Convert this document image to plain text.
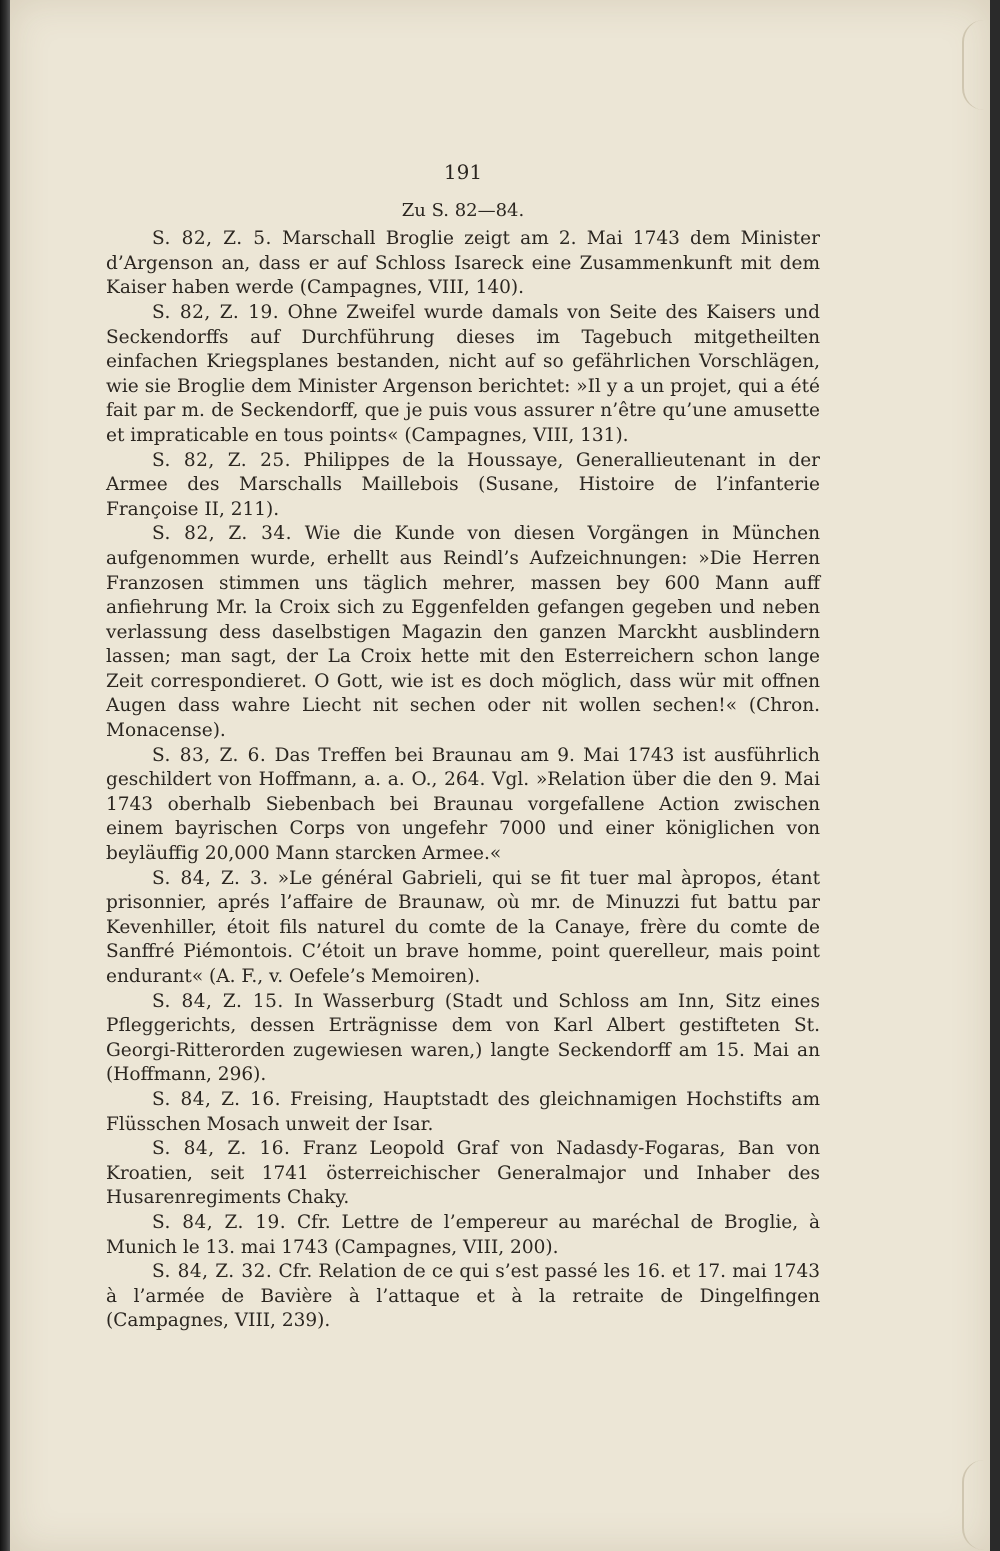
191
Zu S. 82—84.

S. 82, Z. 5. Marschall Broglie zeigt am 2. Mai 1743 dem Minister d’Argenson an, dass er auf Schloss Isareck eine Zusammenkunft mit dem Kaiser haben werde (Campagnes, VIII, 140).

S. 82, Z. 19. Ohne Zweifel wurde damals von Seite des Kaisers und Seckendorffs auf Durchführung dieses im Tagebuch mitgetheilten einfachen Kriegsplanes bestanden, nicht auf so gefährlichen Vorschlägen, wie sie Broglie dem Minister Argenson berichtet: »Il y a un projet, qui a été fait par m. de Seckendorff, que je puis vous assurer n’être qu’une amusette et impraticable en tous points« (Campagnes, VIII, 131).

S. 82, Z. 25. Philippes de la Houssaye, Generallieutenant in der Armee des Marschalls Maillebois (Susane, Histoire de l’infanterie Françoise II, 211).

S. 82, Z. 34. Wie die Kunde von diesen Vorgängen in München aufgenommen wurde, erhellt aus Reindl’s Aufzeichnungen: »Die Herren Franzosen stimmen uns täglich mehrer, massen bey 600 Mann auff anfiehrung Mr. la Croix sich zu Eggenfelden gefangen gegeben und neben verlassung dess daselbstigen Magazin den ganzen Marckht ausblindern lassen; man sagt, der La Croix hette mit den Esterreichern schon lange Zeit correspondieret. O Gott, wie ist es doch möglich, dass wür mit offnen Augen dass wahre Liecht nit sechen oder nit wollen sechen!« (Chron. Monacense).

S. 83, Z. 6. Das Treffen bei Braunau am 9. Mai 1743 ist ausführlich geschildert von Hoffmann, a. a. O., 264. Vgl. »Relation über die den 9. Mai 1743 oberhalb Siebenbach bei Braunau vorgefallene Action zwischen einem bayrischen Corps von ungefehr 7000 und einer königlichen von beyläuffig 20,000 Mann starcken Armee.«

S. 84, Z. 3. »Le général Gabrieli, qui se fit tuer mal àpropos, étant prisonnier, aprés l’affaire de Braunaw, où mr. de Minuzzi fut battu par Kevenhiller, étoit fils naturel du comte de la Canaye, frère du comte de Sanffré Piémontois. C’étoit un brave homme, point querelleur, mais point endurant« (A. F., v. Oefele’s Memoiren).

S. 84, Z. 15. In Wasserburg (Stadt und Schloss am Inn, Sitz eines Pfleggerichts, dessen Erträgnisse dem von Karl Albert gestifteten St. Georgi-Ritterorden zugewiesen waren,) langte Seckendorff am 15. Mai an (Hoffmann, 296).

S. 84, Z. 16. Freising, Hauptstadt des gleichnamigen Hochstifts am Flüsschen Mosach unweit der Isar.

S. 84, Z. 16. Franz Leopold Graf von Nadasdy-Fogaras, Ban von Kroatien, seit 1741 österreichischer Generalmajor und Inhaber des Husarenregiments Chaky.

S. 84, Z. 19. Cfr. Lettre de l’empereur au maréchal de Broglie, à Munich le 13. mai 1743 (Campagnes, VIII, 200).

S. 84, Z. 32. Cfr. Relation de ce qui s’est passé les 16. et 17. mai 1743 à l’armée de Bavière à l’attaque et à la retraite de Dingelfingen (Campagnes, VIII, 239).
